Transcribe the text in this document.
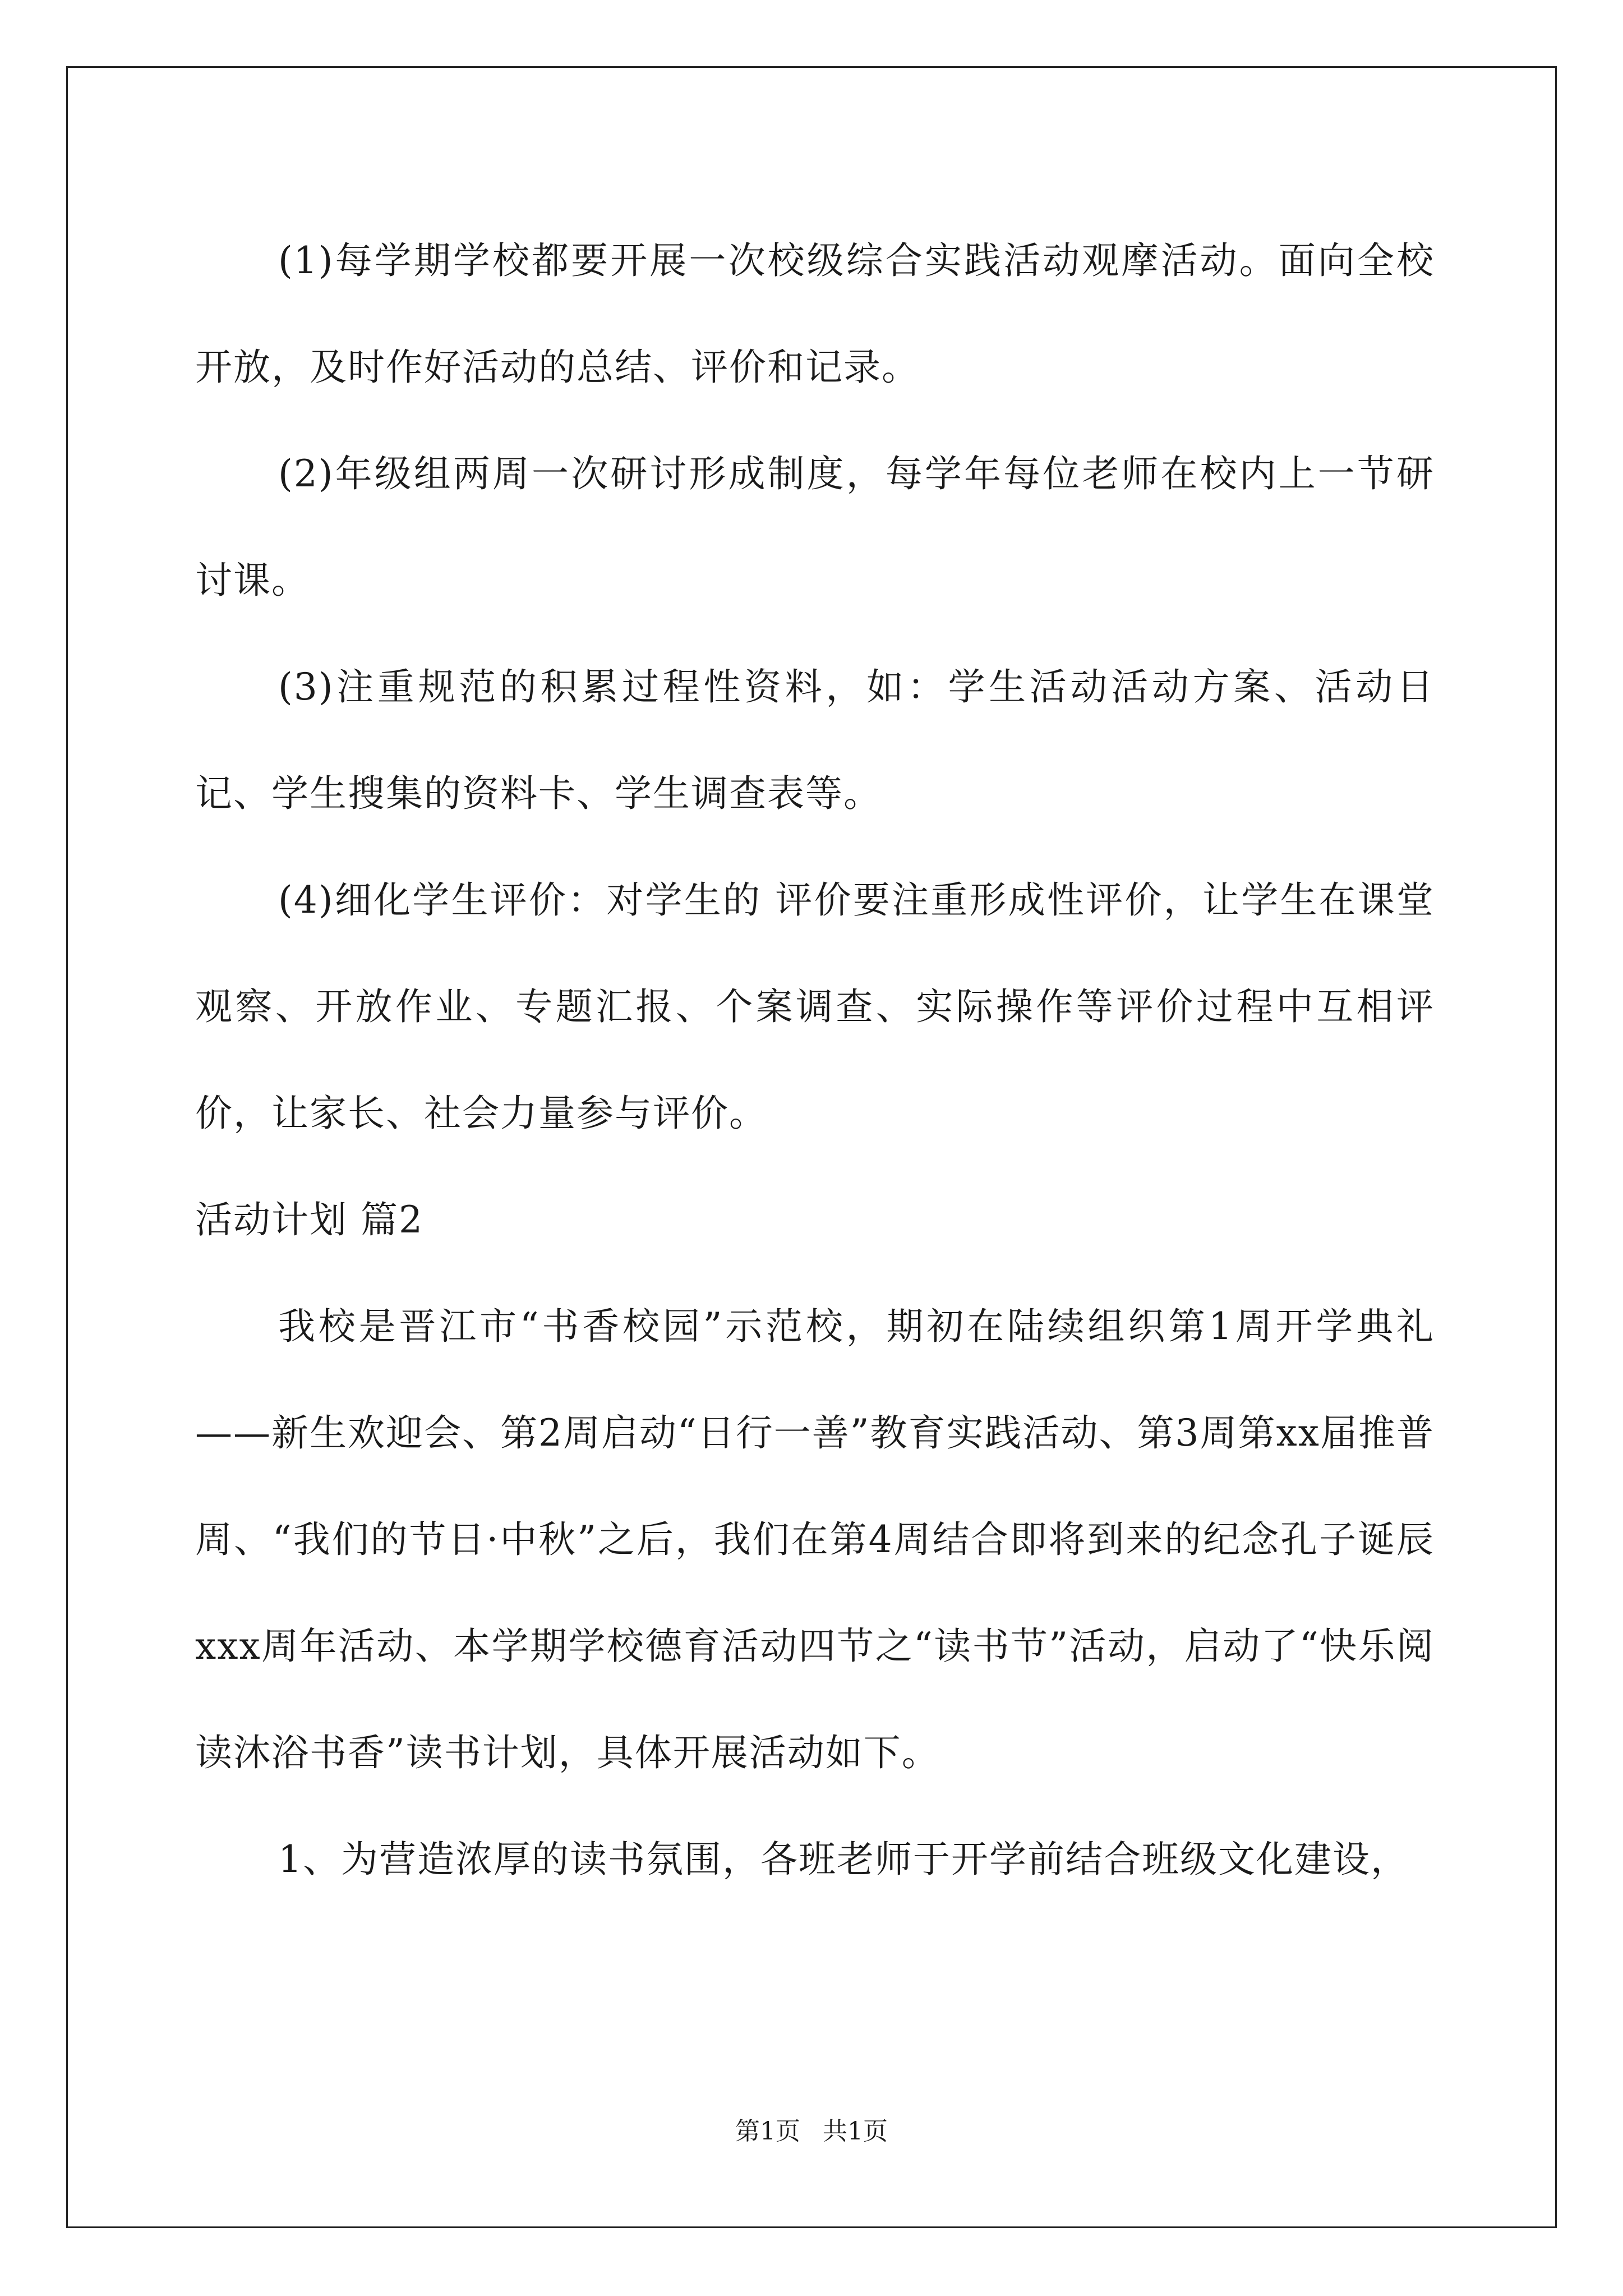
(1)每学期学校都要开展一次校级综合实践活动观摩活动。面向全校开放，及时作好活动的总结、评价和记录。

(2)年级组两周一次研讨形成制度，每学年每位老师在校内上一节研讨课。

(3)注重规范的积累过程性资料，如：学生活动活动方案、活动日记、学生搜集的资料卡、学生调查表等。

(4)细化学生评价：对学生的 评价要注重形成性评价，让学生在课堂观察、开放作业、专题汇报、个案调查、实际操作等评价过程中互相评价，让家长、社会力量参与评价。

活动计划 篇2

我校是晋江市“书香校园”示范校，期初在陆续组织第1周开学典礼——新生欢迎会、第2周启动“日行一善”教育实践活动、第3周第xx届推普周、“我们的节日·中秋”之后，我们在第4周结合即将到来的纪念孔子诞辰xxx周年活动、本学期学校德育活动四节之“读书节”活动，启动了“快乐阅读沐浴书香”读书计划，具体开展活动如下。

1、为营造浓厚的读书氛围，各班老师于开学前结合班级文化建设，

第1页 共1页
